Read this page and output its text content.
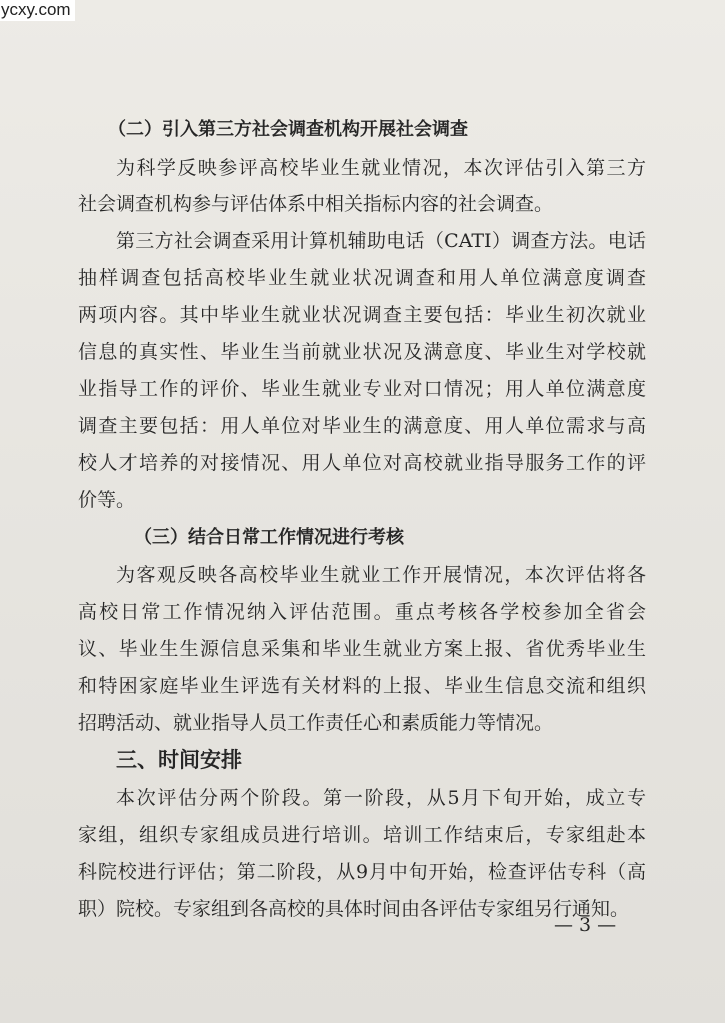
ycxy.com
（二）引入第三方社会调查机构开展社会调查
为科学反映参评高校毕业生就业情况，本次评估引入第三方
社会调查机构参与评估体系中相关指标内容的社会调查。
第三方社会调查采用计算机辅助电话（CATI）调查方法。电话
抽样调查包括高校毕业生就业状况调查和用人单位满意度调查
两项内容。其中毕业生就业状况调查主要包括：毕业生初次就业
信息的真实性、毕业生当前就业状况及满意度、毕业生对学校就
业指导工作的评价、毕业生就业专业对口情况；用人单位满意度
调查主要包括：用人单位对毕业生的满意度、用人单位需求与高
校人才培养的对接情况、用人单位对高校就业指导服务工作的评
价等。
（三）结合日常工作情况进行考核
为客观反映各高校毕业生就业工作开展情况，本次评估将各
高校日常工作情况纳入评估范围。重点考核各学校参加全省会
议、毕业生生源信息采集和毕业生就业方案上报、省优秀毕业生
和特困家庭毕业生评选有关材料的上报、毕业生信息交流和组织
招聘活动、就业指导人员工作责任心和素质能力等情况。
三、时间安排
本次评估分两个阶段。第一阶段，从5月下旬开始，成立专
家组，组织专家组成员进行培训。培训工作结束后，专家组赴本
科院校进行评估；第二阶段，从9月中旬开始，检查评估专科（高
职）院校。专家组到各高校的具体时间由各评估专家组另行通知。
— 3 —
